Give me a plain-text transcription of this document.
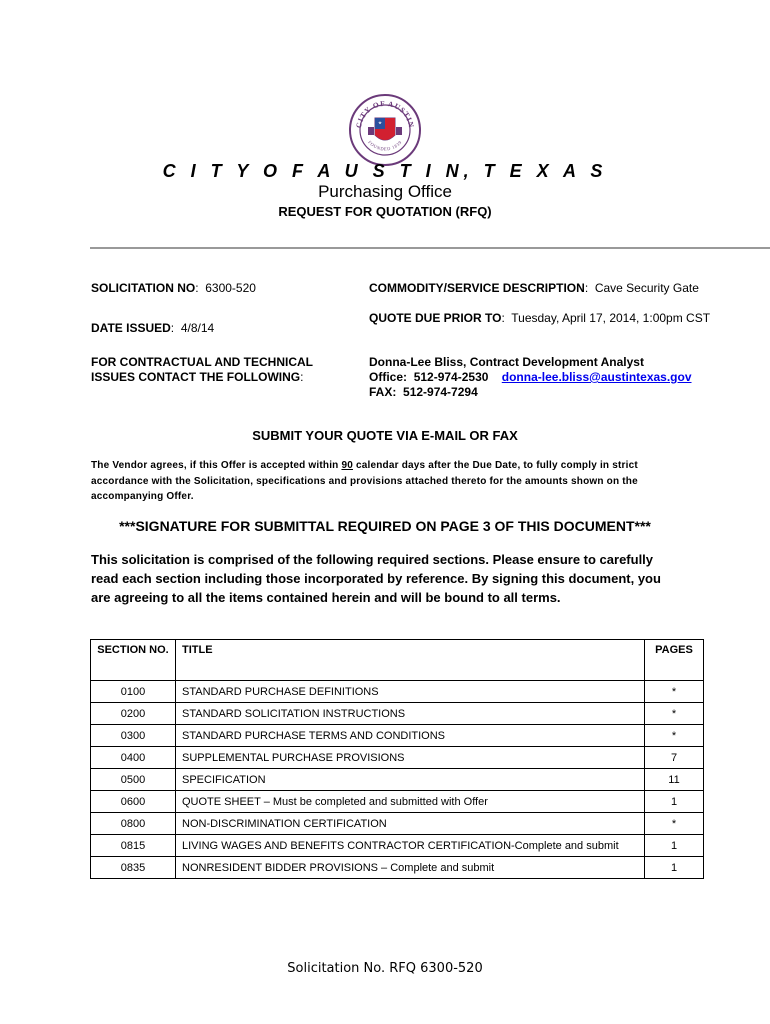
CITY OF AUSTIN
FOUNDED 1839
C I T Y O F A U S T I N, T E X A S
Purchasing Office
REQUEST FOR QUOTATION (RFQ)
SOLICITATION NO:  6300-520	COMMODITY/SERVICE DESCRIPTION:  Cave Security Gate
QUOTE DUE PRIOR TO:  Tuesday, April 17, 2014, 1:00pm CST
DATE ISSUED:  4/8/14
FOR CONTRACTUAL AND TECHNICAL
ISSUES CONTACT THE FOLLOWING:
Donna-Lee Bliss, Contract Development Analyst
Office: 512-974-2530 donna-lee.bliss@austintexas.gov
FAX: 512-974-7294
SUBMIT YOUR QUOTE VIA E-MAIL OR FAX
The Vendor agrees, if this Offer is accepted within 90 calendar days after the Due Date, to fully comply in strict accordance with the Solicitation, specifications and provisions attached thereto for the amounts shown on the accompanying Offer.
***SIGNATURE FOR SUBMITTAL REQUIRED ON PAGE 3 OF THIS DOCUMENT***
This solicitation is comprised of the following required sections. Please ensure to carefully read each section including those incorporated by reference. By signing this document, you are agreeing to all the items contained herein and will be bound to all terms.
SECTION NO.	TITLE	PAGES
0100	STANDARD PURCHASE DEFINITIONS	*
0200	STANDARD SOLICITATION INSTRUCTIONS	*
0300	STANDARD PURCHASE TERMS AND CONDITIONS	*
0400	SUPPLEMENTAL PURCHASE PROVISIONS	7
0500	SPECIFICATION	11
0600	QUOTE SHEET – Must be completed and submitted with Offer	1
0800	NON-DISCRIMINATION CERTIFICATION	*
0815	LIVING WAGES AND BENEFITS CONTRACTOR CERTIFICATION-Complete and submit	1
0835	NONRESIDENT BIDDER PROVISIONS – Complete and submit	1
Solicitation No. RFQ 6300-520
